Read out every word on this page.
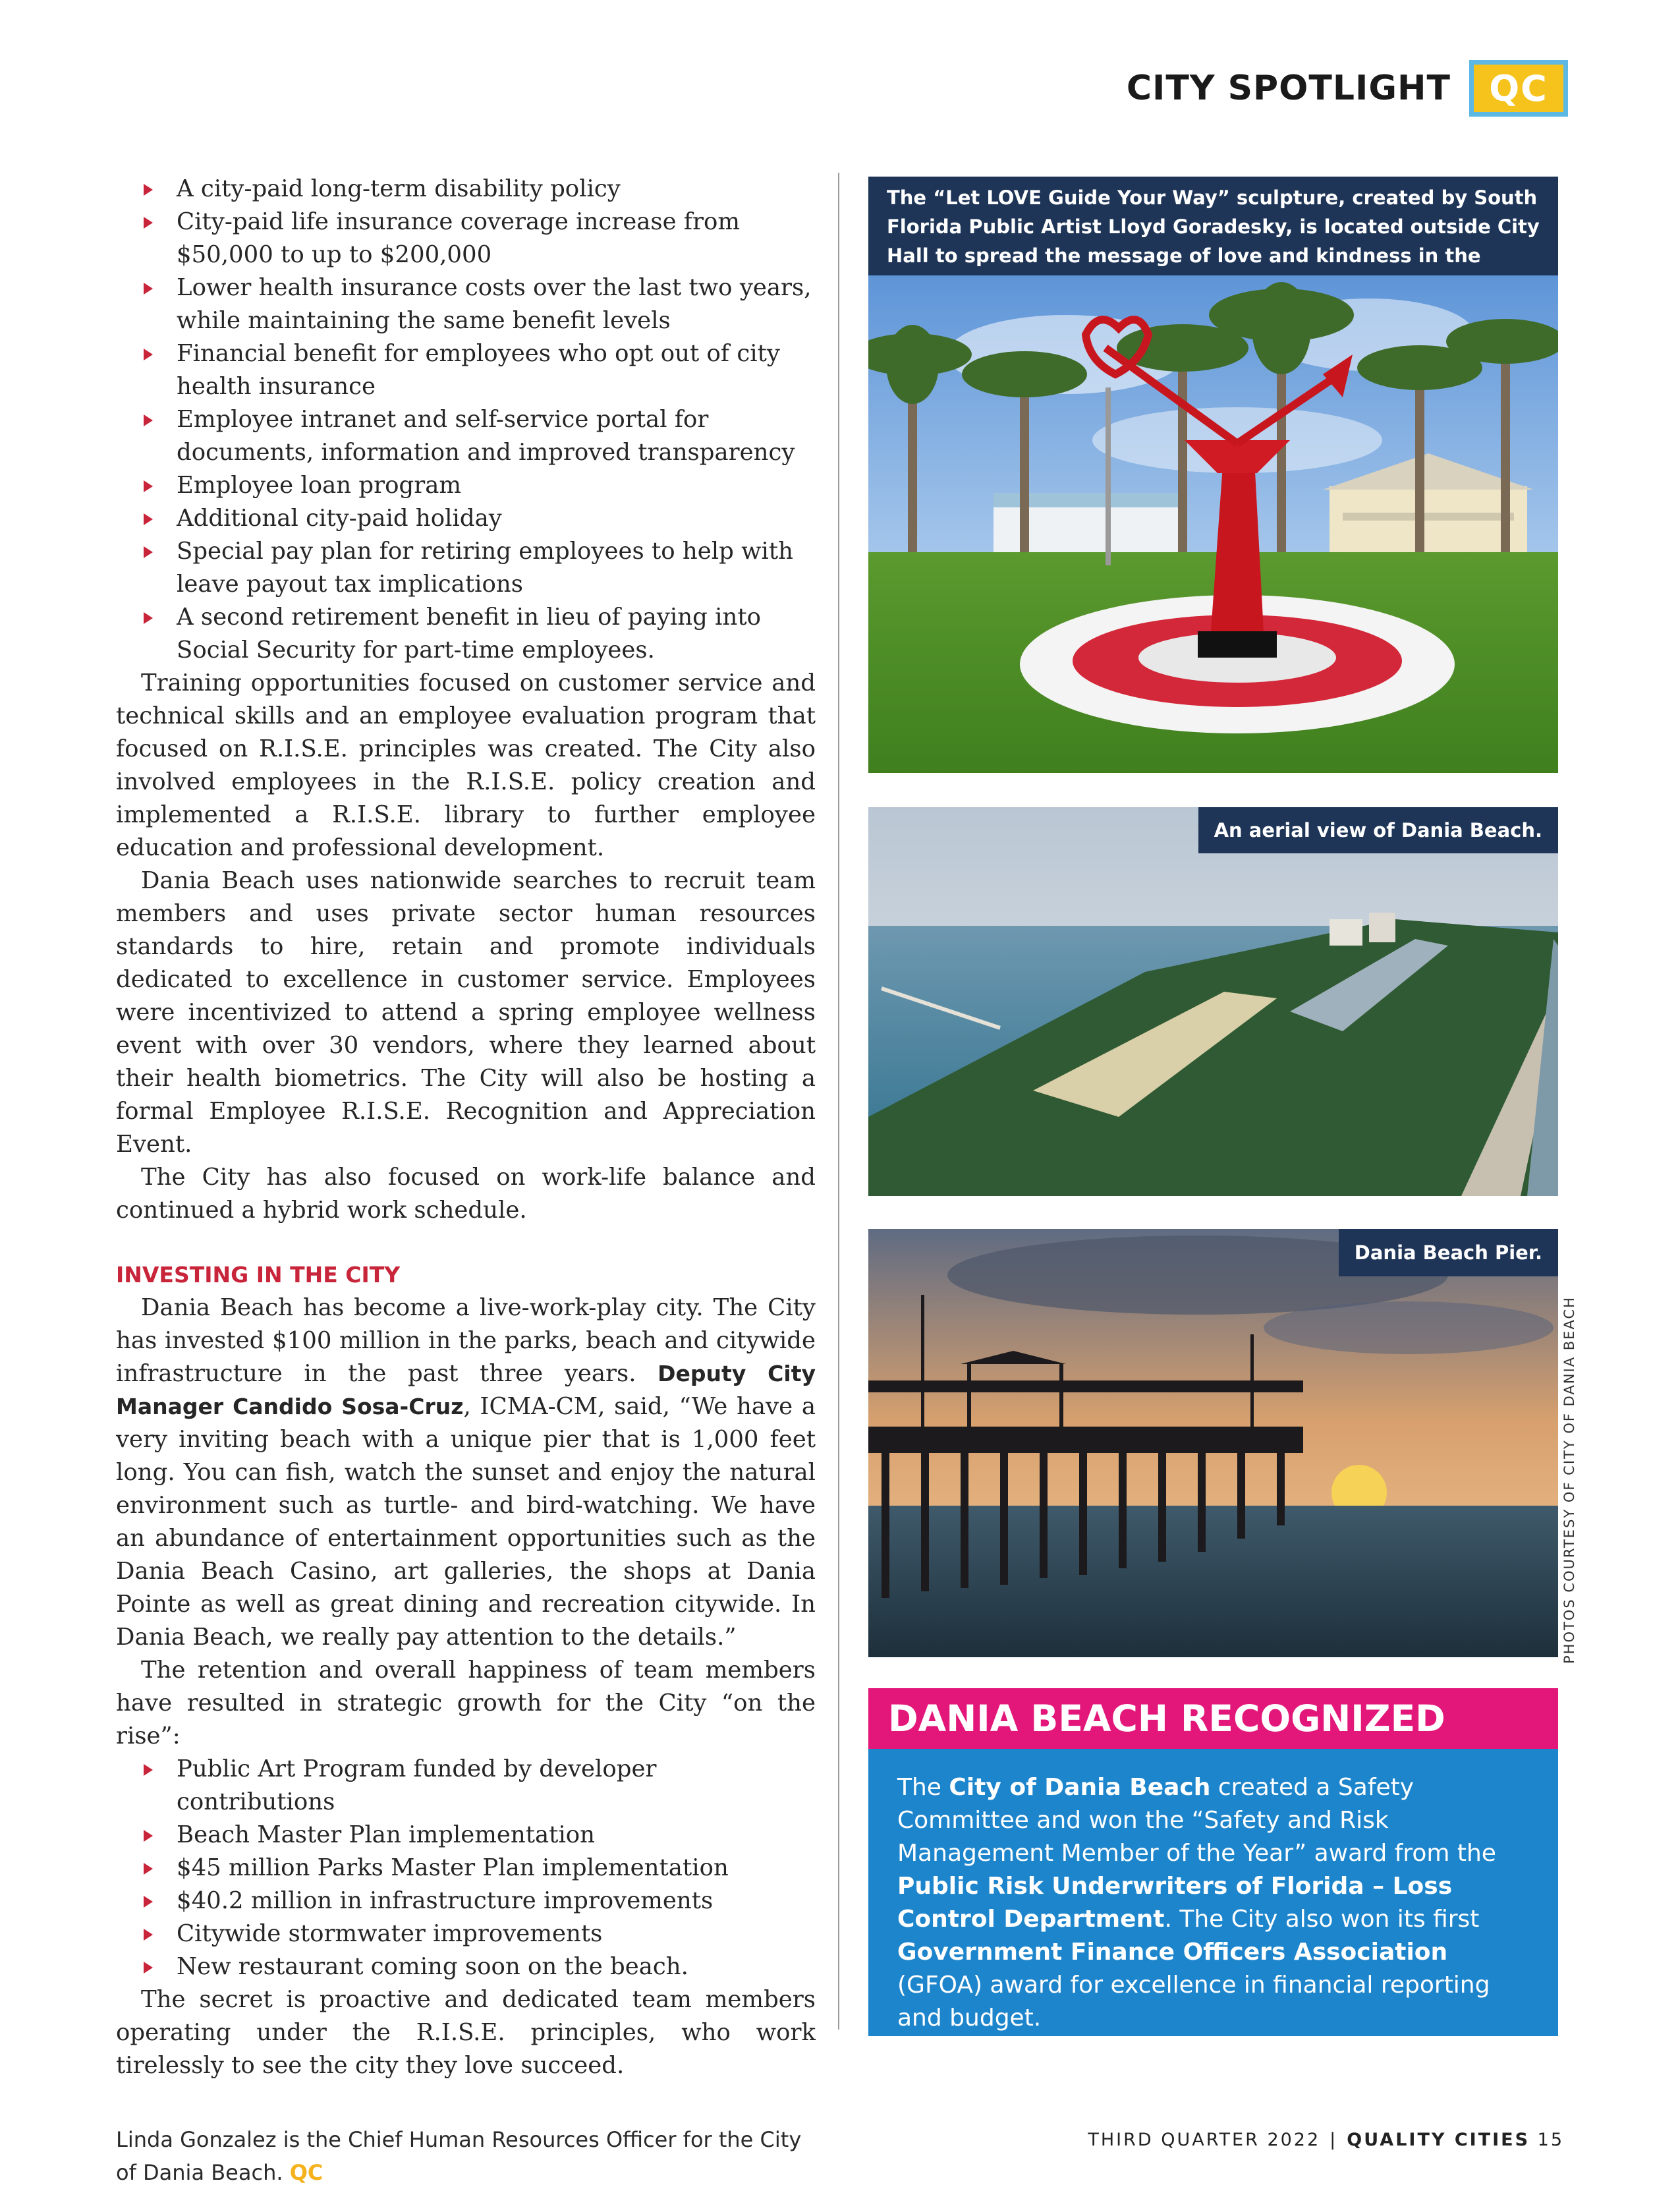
CITY SPOTLIGHT	QC
A city-paid long-term disability policy
City-paid life insurance coverage increase from $50,000 to up to $200,000
Lower health insurance costs over the last two years, while maintaining the same benefit levels
Financial benefit for employees who opt out of city health insurance
Employee intranet and self-service portal for documents, information and improved transparency
Employee loan program
Additional city-paid holiday
Special pay plan for retiring employees to help with leave payout tax implications
A second retirement benefit in lieu of paying into Social Security for part-time employees.

Training opportunities focused on customer service and technical skills and an employee evaluation program that focused on R.I.S.E. principles was created. The City also involved employees in the R.I.S.E. policy creation and implemented a R.I.S.E. library to further employee education and professional development.

Dania Beach uses nationwide searches to recruit team members and uses private sector human resources standards to hire, retain and promote individuals dedicated to excellence in customer service. Employees were incentivized to attend a spring employee wellness event with over 30 vendors, where they learned about their health biometrics. The City will also be hosting a formal Employee R.I.S.E. Recognition and Appreciation Event.

The City has also focused on work-life balance and continued a hybrid work schedule.

INVESTING IN THE CITY

Dania Beach has become a live-work-play city. The City has invested $100 million in the parks, beach and citywide infrastructure in the past three years. Deputy City Manager Candido Sosa-Cruz, ICMA-CM, said, “We have a very inviting beach with a unique pier that is 1,000 feet long. You can fish, watch the sunset and enjoy the natural environment such as turtle- and bird-watching. We have an abundance of entertainment opportunities such as the Dania Beach Casino, art galleries, the shops at Dania Pointe as well as great dining and recreation citywide. In Dania Beach, we really pay attention to the details.”

The retention and overall happiness of team members have resulted in strategic growth for the City “on the rise”:

Public Art Program funded by developer contributions
Beach Master Plan implementation
$45 million Parks Master Plan implementation
$40.2 million in infrastructure improvements
Citywide stormwater improvements
New restaurant coming soon on the beach.

The secret is proactive and dedicated team members operating under the R.I.S.E. principles, who work tirelessly to see the city they love succeed.

Linda Gonzalez is the Chief Human Resources Officer for the City of Dania Beach. QC
The “Let LOVE Guide Your Way” sculpture, created by South Florida Public Artist Lloyd Goradesky, is located outside City Hall to spread the message of love and kindness in the
An aerial view of Dania Beach.
Dania Beach Pier.
PHOTOS COURTESY OF CITY OF DANIA BEACH
DANIA BEACH RECOGNIZED
The City of Dania Beach created a Safety Committee and won the “Safety and Risk Management Member of the Year” award from the Public Risk Underwriters of Florida – Loss Control Department. The City also won its first Government Finance Officers Association (GFOA) award for excellence in financial reporting and budget.
THIRD QUARTER 2022 | QUALITY CITIES 15
